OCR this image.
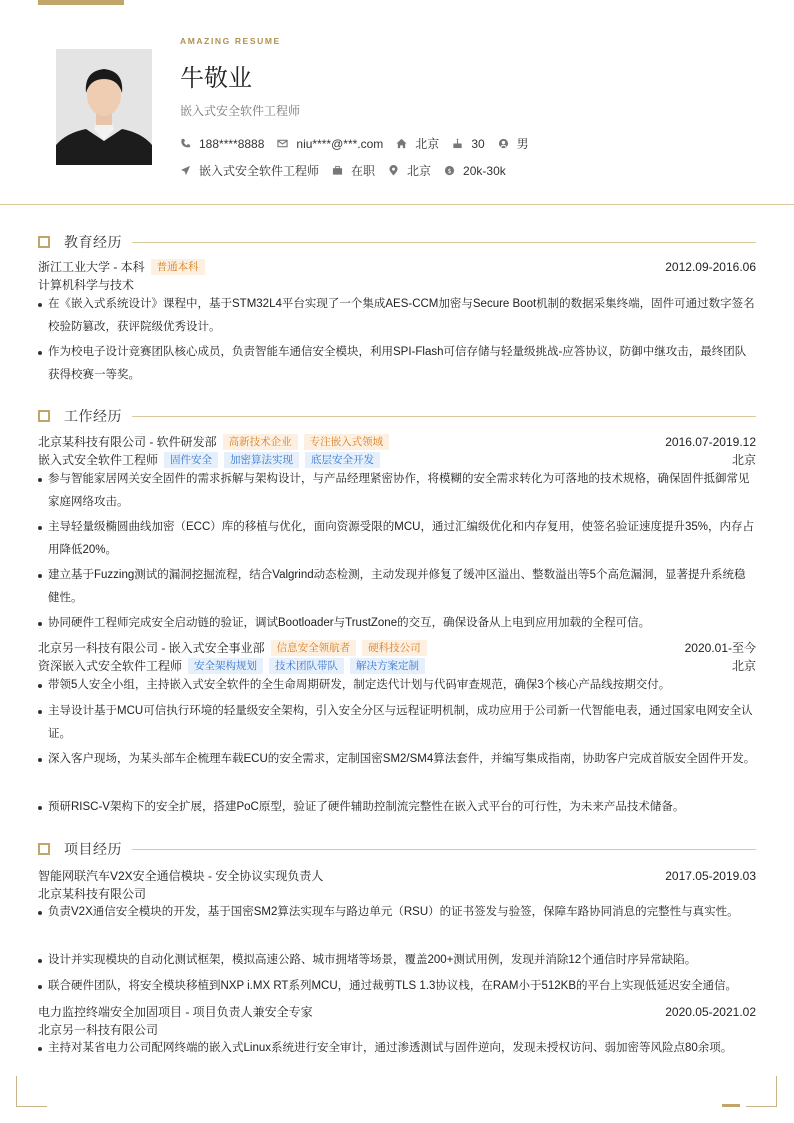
AMAZING RESUME
牛敬业
嵌入式安全软件工程师
188****8888	niu****@***.com	北京	30	男
嵌入式安全软件工程师	在职	北京 $ 20k-30k
教育经历
浙江工业大学 - 本科	普通本科	2012.09-2016.06
计算机科学与技术
在《嵌入式系统设计》课程中，基于STM32L4平台实现了一个集成AES-CCM加密与Secure Boot机制的数据采集终端，固件可通过数字签名校验防篡改，获评院级优秀设计。
作为校电子设计竞赛团队核心成员，负责智能车通信安全模块，利用SPI-Flash可信存储与轻量级挑战-应答协议，防御中继攻击，最终团队获得校赛一等奖。
工作经历
北京某科技有限公司 - 软件研发部	高新技术企业	专注嵌入式领域	2016.07-2019.12
嵌入式安全软件工程师	固件安全	加密算法实现	底层安全开发	北京
参与智能家居网关安全固件的需求拆解与架构设计，与产品经理紧密协作，将模糊的安全需求转化为可落地的技术规格，确保固件抵御常见家庭网络攻击。
主导轻量级椭圆曲线加密（ECC）库的移植与优化，面向资源受限的MCU，通过汇编级优化和内存复用，使签名验证速度提升35%，内存占用降低20%。
建立基于Fuzzing测试的漏洞挖掘流程，结合Valgrind动态检测，主动发现并修复了缓冲区溢出、整数溢出等5个高危漏洞，显著提升系统稳健性。
协同硬件工程师完成安全启动链的验证，调试Bootloader与TrustZone的交互，确保设备从上电到应用加载的全程可信。
北京另一科技有限公司 - 嵌入式安全事业部	信息安全领航者	硬科技公司	2020.01-至今
资深嵌入式安全软件工程师	安全架构规划	技术团队带队	解决方案定制	北京
带领5人安全小组，主持嵌入式安全软件的全生命周期研发，制定迭代计划与代码审查规范，确保3个核心产品线按期交付。
主导设计基于MCU可信执行环境的轻量级安全架构，引入安全分区与远程证明机制，成功应用于公司新一代智能电表，通过国家电网安全认证。
深入客户现场，为某头部车企梳理车载ECU的安全需求，定制国密SM2/SM4算法套件，并编写集成指南，协助客户完成首版安全固件开发。
预研RISC-V架构下的安全扩展，搭建PoC原型，验证了硬件辅助控制流完整性在嵌入式平台的可行性，为未来产品技术储备。
项目经历
智能网联汽车V2X安全通信模块 - 安全协议实现负责人	2017.05-2019.03
北京某科技有限公司
负责V2X通信安全模块的开发，基于国密SM2算法实现车与路边单元（RSU）的证书签发与验签，保障车路协同消息的完整性与真实性。
设计并实现模块的自动化测试框架，模拟高速公路、城市拥堵等场景，覆盖200+测试用例，发现并消除12个通信时序异常缺陷。
联合硬件团队，将安全模块移植到NXP i.MX RT系列MCU，通过裁剪TLS 1.3协议栈，在RAM小于512KB的平台上实现低延迟安全通信。
电力监控终端安全加固项目 - 项目负责人兼安全专家	2020.05-2021.02
北京另一科技有限公司
主持对某省电力公司配网终端的嵌入式Linux系统进行安全审计，通过渗透测试与固件逆向，发现未授权访问、弱加密等风险点80余项。
